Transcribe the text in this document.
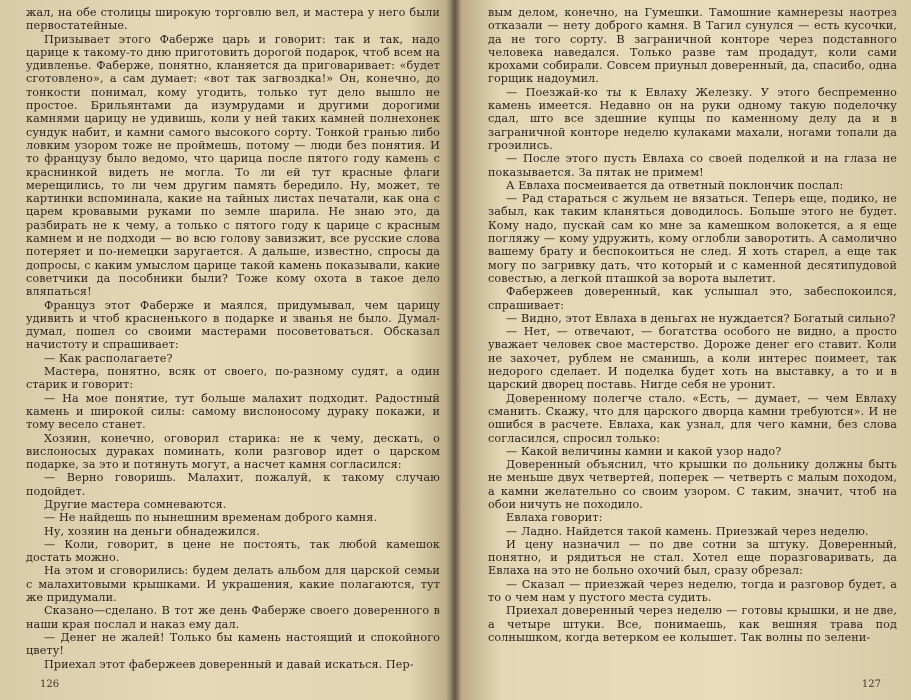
жал, на обе столицы широкую торговлю вел, и мастера у него были первостатейные.

Призывает этого Фаберже царь и говорит: так и так, надо царице к такому-то дню приготовить дорогой подарок, чтоб всем на удивленье. Фаберже, понятно, кланяется да приговаривает: «будет сготовлено», а сам думает: «вот так загвоздка!» Он, конечно, до тонкости понимал, кому угодить, только тут дело вышло не простое. Брильянтами да изумрудами и другими дорогими камнями царицу не удивишь, коли у ней таких камней полнехонек сундук набит, и камни самого высокого сорту. Тонкой гранью либо ловким узором тоже не проймешь, потому — люди без понятия. И то французу было ведомо, что царица после пятого году камень с краснинкой видеть не могла. То ли ей тут красные флаги мерещились, то ли чем другим память бередило. Ну, может, те картинки вспоминала, какие на тайных листах печатали, как она с царем кровавыми руками по земле шарила. Не знаю это, да разбирать не к чему, а только с пятого году к царице с красным камнем и не подходи — во всю голову завизжит, все русские слова потеряет и по-немецки заругается. А дальше, известно, спросы да допросы, с каким умыслом царице такой камень показывали, какие советчики да пособники были? Тоже кому охота в такое дело вляпаться!

Француз этот Фаберже и маялся, придумывал, чем царицу удивить и чтоб красненького в подарке и званья не было. Думал-думал, пошел со своими мастерами посоветоваться. Обсказал начистоту и спрашивает:

— Как располагаете?

Мастера, понятно, всяк от своего, по-разному судят, а один старик и говорит:

— На мое понятие, тут больше малахит подходит. Радостный камень и широкой силы: самому вислоносому дураку покажи, и тому весело станет.

Хозяин, конечно, оговорил старика: не к чему, дескать, о вислоносых дураках поминать, коли разговор идет о царском подарке, за это и потянуть могут, а насчет камня согласился:

— Верно говоришь. Малахит, пожалуй, к такому случаю подойдет.

Другие мастера сомневаются.

— Не найдешь по нынешним временам доброго камня.

Ну, хозяин на деньги обнадежился.

— Коли, говорит, в цене не постоять, так любой камешок достать можно.

На этом и сговорились: будем делать альбом для царской семьи с малахитовыми крышками. И украшения, какие полагаются, тут же придумали.

Сказано—сделано. В тот же день Фаберже своего доверенного в наши края послал и наказ ему дал.

— Денег не жалей! Только бы камень настоящий и спокойного цвету!

Приехал этот фабержеев доверенный и давай искаться. Пер-

126

вым делом, конечно, на Гумешки. Тамошние камнерезы наотрез отказали — нету доброго камня. В Тагил сунулся — есть кусочки, да не того сорту. В заграничной конторе через подставного человека наведался. Только разве там продадут, коли сами крохами собирали. Совсем приуныл доверенный, да, спасибо, одна горщик надоумил.

— Поезжай-ко ты к Евлаху Железку. У этого беспременно камень имеется. Недавно он на руки одному такую поделочку сдал, што все здешние купцы по каменному делу да и в заграничной конторе неделю кулаками махали, ногами топали да гроэились.

— После этого пусть Евлаха со своей поделкой и на глаза не показывается. За пятак не примем!

А Евлаха посмеивается да ответный поклончик послал:

— Рад стараться с жульем не вязаться. Теперь еще, подико, не забыл, как таким кланяться доводилось. Больше этого не будет. Кому надо, пускай сам ко мне за камешком волокется, а я еще погляжу — кому удружить, кому оглобли заворотить. А самолично вашему брату и беспокоиться не след. Я хоть старел, а еще так могу по загривку дать, что который и с каменной десятипудовой совестью, а легкой пташкой за ворота вылетит.

Фабержеев доверенный, как услышал это, забеспокоился, спрашивает:

— Видно, этот Евлаха в деньгах не нуждается? Богатый сильно?

— Нет, — отвечают, — богатства особого не видно, а просто уважает человек свое мастерство. Дороже денег его ставит. Коли не захочет, рублем не сманишь, а коли интерес поимеет, так недорого сделает. И поделка будет хоть на выставку, а то и в царский дворец поставь. Нигде себя не уронит.

Доверенному полегче стало. «Есть, — думает, — чем Евлаху сманить. Скажу, что для царского дворца камни требуются». И не ошибся в расчете. Евлаха, как узнал, для чего камни, без слова согласился, спросил только:

— Какой величины камни и какой узор надо?

Доверенный объяснил, что крышки по дольнику должны быть не меньше двух четвертей, поперек — четверть с малым походом, а камни желательно со своим узором. С таким, значит, чтоб на обои ничуть не походило.

Евлаха говорит:

— Ладно. Найдется такой камень. Приезжай через неделю.

И цену назначил — по две сотни за штуку. Доверенный, понятно, и рядиться не стал. Хотел еще поразговаривать, да Евлаха на это не больно охочий был, сразу обрезал:

— Сказал — приезжай через неделю, тогда и разговор будет, а то о чем нам у пустого места судить.

Приехал доверенный через неделю — готовы крышки, и не две, а четыре штуки. Все, понимаешь, как вешняя трава под солнышком, когда ветерком ее колышет. Так волны по зелени-

127
